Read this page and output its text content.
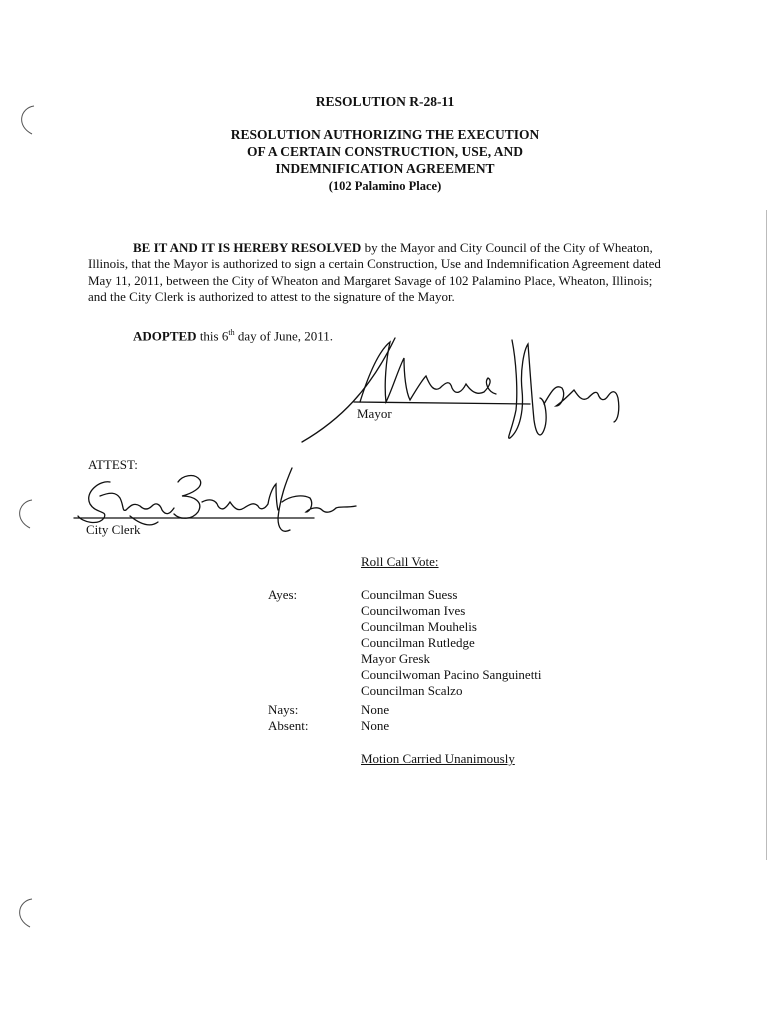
RESOLUTION R-28-11
RESOLUTION AUTHORIZING THE EXECUTION
OF A CERTAIN CONSTRUCTION, USE, AND
INDEMNIFICATION AGREEMENT
(102 Palamino Place)
BE IT AND IT IS HEREBY RESOLVED by the Mayor and City Council of the City of Wheaton, Illinois, that the Mayor is authorized to sign a certain Construction, Use and Indemnification Agreement dated May 11, 2011, between the City of Wheaton and Margaret Savage of 102 Palamino Place, Wheaton, Illinois; and the City Clerk is authorized to attest to the signature of the Mayor.
ADOPTED this 6th day of June, 2011.
Mayor
ATTEST:
City Clerk
Roll Call Vote:
Ayes:	Councilman Suess
Councilwoman Ives
Councilman Mouhelis
Councilman Rutledge
Mayor Gresk
Councilwoman Pacino Sanguinetti
Councilman Scalzo
Nays:	None
Absent:	None
Motion Carried Unanimously
